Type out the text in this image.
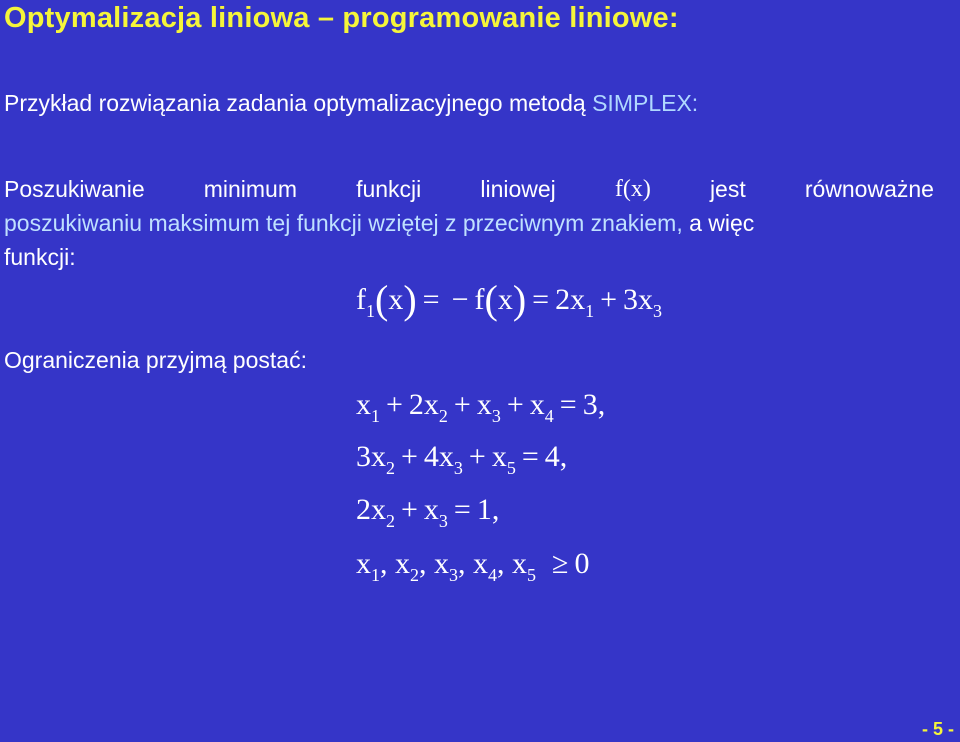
Optymalizacja liniowa – programowanie liniowe:
Przykład rozwiązania zadania optymalizacyjnego metodą SIMPLEX:
Poszukiwanie	minimum	funkcji	liniowej f(x)	jest	równoważne
poszukiwaniu maksimum tej funkcji wziętej z przeciwnym znakiem, a więc
funkcji:
$f_1(x)$ = − $f(x) = 2x_1 + 3x_3$
Ograniczenia przyjmą postać:
$x_1 + 2x_2 + x_3 + x_4 = 3$,
$3x_2 + 4x_3 + x_5 = 4$,
$2x_2 + x_3 = 1$,
$x_1$, $x_2$, $x_3$, $x_4$, $x_5 \ge 0$
- 5 -
